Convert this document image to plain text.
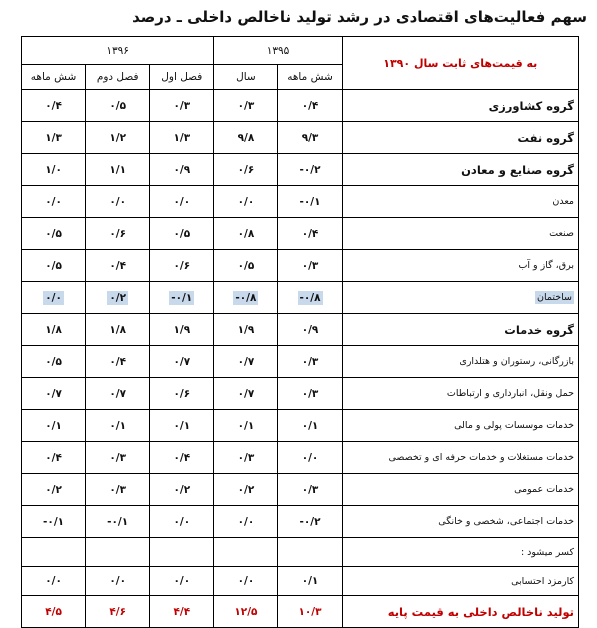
سهم فعالیت‌های اقتصادی در رشد تولید ناخالص داخلی ـ درصد
۱۳۹۶			۱۳۹۵		به قیمت‌های ثابت سال ۱۳۹۰
شش ماهه	فصل دوم	فصل اول	سال	شش ماهه	
۰/۴	۰/۵	۰/۳	۰/۳	۰/۴	گروه کشاورزی
۱/۳	۱/۲	۱/۳	۹/۸	۹/۳	گروه نفت
۱/۰	۱/۱	۰/۹	۰/۶	-۰/۲	گروه صنایع و معادن
۰/۰	۰/۰	۰/۰	۰/۰	-۰/۱	معدن
۰/۵	۰/۶	۰/۵	۰/۸	۰/۴	صنعت
۰/۵	۰/۴	۰/۶	۰/۵	۰/۳	برق، گاز و آب
۰/۰	۰/۲	-۰/۱	-۰/۸	-۰/۸	ساختمان
۱/۸	۱/۸	۱/۹	۱/۹	۰/۹	گروه خدمات
۰/۵	۰/۴	۰/۷	۰/۷	۰/۳	بازرگانی، رستوران و هتلداری
۰/۷	۰/۷	۰/۶	۰/۷	۰/۳	حمل ونقل، انبارداری و ارتباطات
۰/۱	۰/۱	۰/۱	۰/۱	۰/۱	خدمات موسسات پولی و مالی
۰/۴	۰/۳	۰/۴	۰/۳	۰/۰	خدمات مستغلات و خدمات حرفه ای و تخصصی
۰/۲	۰/۳	۰/۲	۰/۲	۰/۳	خدمات عمومی
-۰/۱	-۰/۱	۰/۰	۰/۰	-۰/۲	خدمات اجتماعی، شخصی و خانگی
					کسر میشود :
۰/۰	۰/۰	۰/۰	۰/۰	۰/۱	کارمزد احتسابی
۴/۵	۴/۶	۴/۴	۱۲/۵	۱۰/۳	تولید ناخالص داخلی به قیمت پایه
